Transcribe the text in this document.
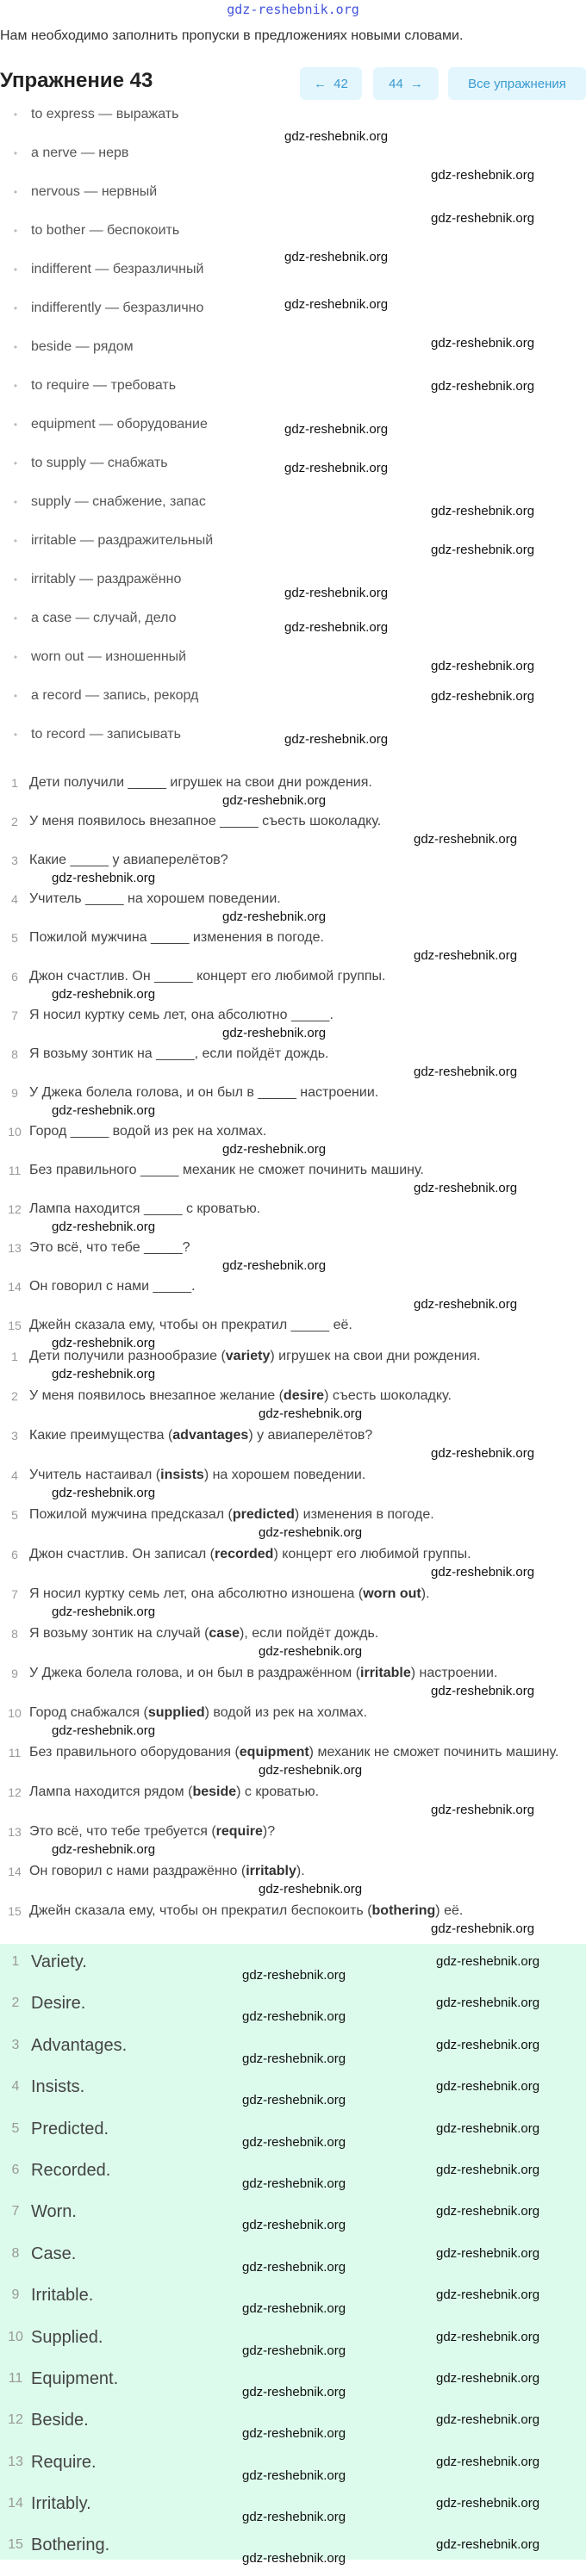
gdz-reshebnik.org
Нам необходимо заполнить пропуски в предложениях новыми словами.
Упражнение 43	← 42	44 →	Все упражнения
• to express — выражать
• a nerve — нерв
• nervous — нервный
• to bother — беспокоить
• indifferent — безразличный
• indifferently — безразлично
• beside — рядом
• to require — требовать
• equipment — оборудование
• to supply — снабжать
• supply — снабжение, запас
• irritable — раздражительный
• irritably — раздражённо
• a case — случай, дело
• worn out — изношенный
• a record — запись, рекорд
• to record — записывать
1 Дети получили _____ игрушек на свои дни рождения.
2 У меня появилось внезапное _____ съесть шоколадку.
3 Какие _____ у авиаперелётов?
4 Учитель _____ на хорошем поведении.
5 Пожилой мужчина _____ изменения в погоде.
6 Джон счастлив. Он _____ концерт его любимой группы.
7 Я носил куртку семь лет, она абсолютно _____.
8 Я возьму зонтик на _____, если пойдёт дождь.
9 У Джека болела голова, и он был в _____ настроении.
10 Город _____ водой из рек на холмах.
11 Без правильного _____ механик не сможет починить машину.
12 Лампа находится _____ с кроватью.
13 Это всё, что тебе _____?
14 Он говорил с нами _____.
15 Джейн сказала ему, чтобы он прекратил _____ её.
1 Дети получили разнообразие (variety) игрушек на свои дни рождения.
2 У меня появилось внезапное желание (desire) съесть шоколадку.
3 Какие преимущества (advantages) у авиаперелётов?
4 Учитель настаивал (insists) на хорошем поведении.
5 Пожилой мужчина предсказал (predicted) изменения в погоде.
6 Джон счастлив. Он записал (recorded) концерт его любимой группы.
7 Я носил куртку семь лет, она абсолютно изношена (worn out).
8 Я возьму зонтик на случай (case), если пойдёт дождь.
9 У Джека болела голова, и он был в раздражённом (irritable) настроении.
10 Город снабжался (supplied) водой из рек на холмах.
11 Без правильного оборудования (equipment) механик не сможет починить машину.
12 Лампа находится рядом (beside) с кроватью.
13 Это всё, что тебе требуется (require)?
14 Он говорил с нами раздражённо (irritably).
15 Джейн сказала ему, чтобы он прекратил беспокоить (bothering) её.
1 Variety.
2 Desire.
3 Advantages.
4 Insists.
5 Predicted.
6 Recorded.
7 Worn.
8 Case.
9 Irritable.
10 Supplied.
11 Equipment.
12 Beside.
13 Require.
14 Irritably.
15 Bothering.
gdz-reshebnik.org
gdz-reshebnik.org
gdz-reshebnik.org
gdz-reshebnik.org
gdz-reshebnik.org
gdz-reshebnik.org
gdz-reshebnik.org
gdz-reshebnik.org
gdz-reshebnik.org
gdz-reshebnik.org
gdz-reshebnik.org
gdz-reshebnik.org
gdz-reshebnik.org
gdz-reshebnik.org
gdz-reshebnik.org
gdz-reshebnik.org
gdz-reshebnik.org
gdz-reshebnik.org
gdz-reshebnik.org
gdz-reshebnik.org
gdz-reshebnik.org
gdz-reshebnik.org
gdz-reshebnik.org
gdz-reshebnik.org
gdz-reshebnik.org
gdz-reshebnik.org
gdz-reshebnik.org
gdz-reshebnik.org
gdz-reshebnik.org
gdz-reshebnik.org
gdz-reshebnik.org
gdz-reshebnik.org
gdz-reshebnik.org
gdz-reshebnik.org
gdz-reshebnik.org
gdz-reshebnik.org
gdz-reshebnik.org
gdz-reshebnik.org
gdz-reshebnik.org
gdz-reshebnik.org
gdz-reshebnik.org
gdz-reshebnik.org
gdz-reshebnik.org
gdz-reshebnik.org
gdz-reshebnik.org
gdz-reshebnik.org
gdz-reshebnik.org
gdz-reshebnik.org
gdz-reshebnik.org
gdz-reshebnik.org
gdz-reshebnik.org
gdz-reshebnik.org
gdz-reshebnik.org
gdz-reshebnik.org
gdz-reshebnik.org
gdz-reshebnik.org
gdz-reshebnik.org
gdz-reshebnik.org
gdz-reshebnik.org
gdz-reshebnik.org
gdz-reshebnik.org
gdz-reshebnik.org
gdz-reshebnik.org
gdz-reshebnik.org
gdz-reshebnik.org
gdz-reshebnik.org
gdz-reshebnik.org
gdz-reshebnik.org
gdz-reshebnik.org
gdz-reshebnik.org
gdz-reshebnik.org
gdz-reshebnik.org
gdz-reshebnik.org
gdz-reshebnik.org
gdz-reshebnik.org
gdz-reshebnik.org
